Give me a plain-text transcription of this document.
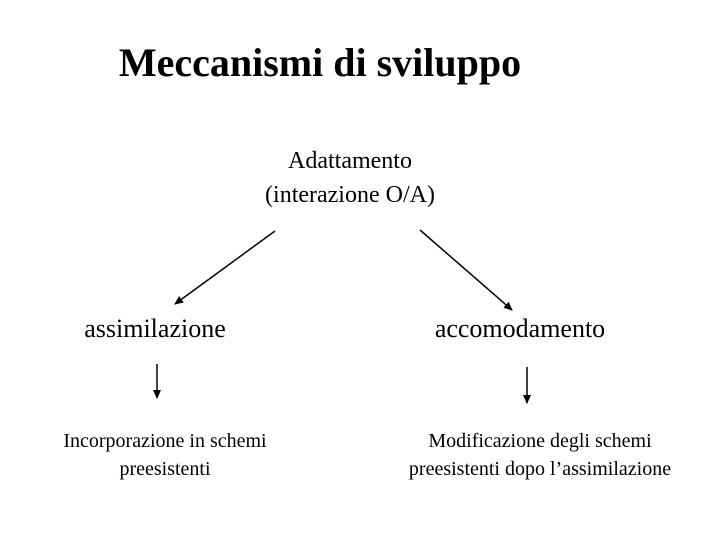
Meccanismi di sviluppo
Adattamento
(interazione O/A)
assimilazione	accomodamento
Incorporazione in schemi
preesistenti
Modificazione degli schemi
preesistenti dopo l’assimilazione
